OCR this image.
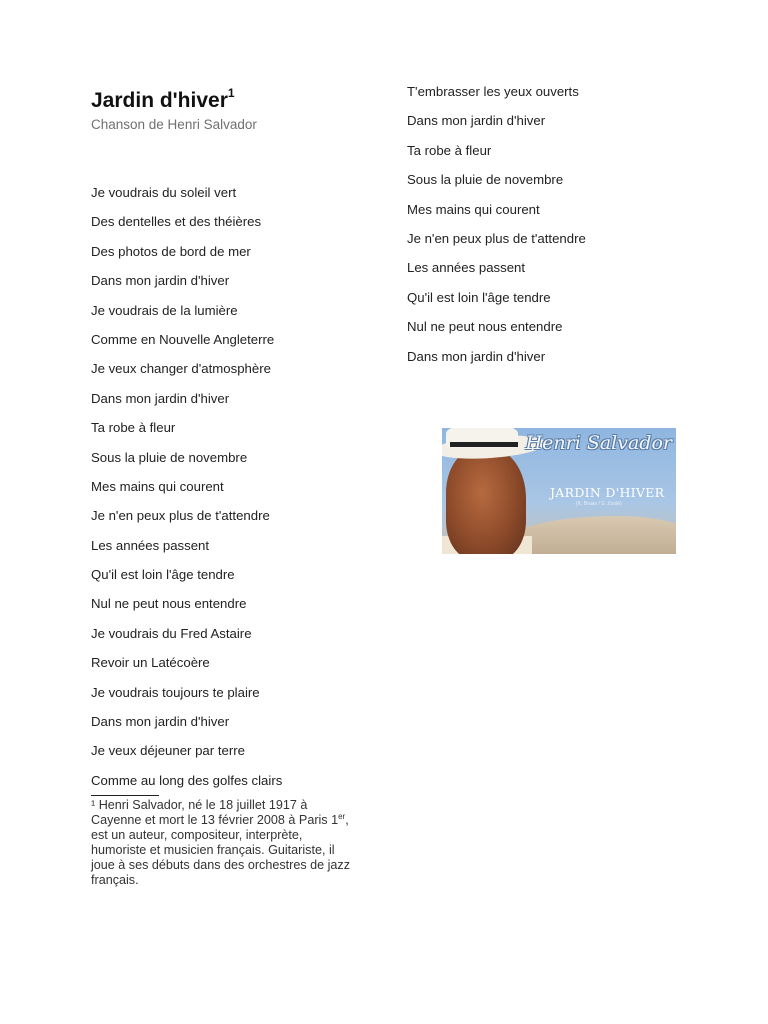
Jardin d'hiver$^1$
Chanson de Henri Salvador

Je voudrais du soleil vert

Des dentelles et des théières

Des photos de bord de mer

Dans mon jardin d'hiver

Je voudrais de la lumière

Comme en Nouvelle Angleterre

Je veux changer d'atmosphère

Dans mon jardin d'hiver

Ta robe à fleur

Sous la pluie de novembre

Mes mains qui courent

Je n'en peux plus de t'attendre

Les années passent

Qu'il est loin l'âge tendre

Nul ne peut nous entendre

Je voudrais du Fred Astaire

Revoir un Latécoère

Je voudrais toujours te plaire

Dans mon jardin d'hiver

Je veux déjeuner par terre

Comme au long des golfes clairs

¹ Henri Salvador, né le 18 juillet 1917 à Cayenne et mort le 13 février 2008 à Paris 1er, est un auteur, compositeur, interprète, humoriste et musicien français. Guitariste, il joue à ses débuts dans des orchestres de jazz français.

T'embrasser les yeux ouverts

Dans mon jardin d'hiver

Ta robe à fleur

Sous la pluie de novembre

Mes mains qui courent

Je n'en peux plus de t'attendre

Les années passent

Qu'il est loin l'âge tendre

Nul ne peut nous entendre

Dans mon jardin d'hiver

Henri Salvador
JARDIN D'HIVER
(K. Bruan / S. Zoolé)
